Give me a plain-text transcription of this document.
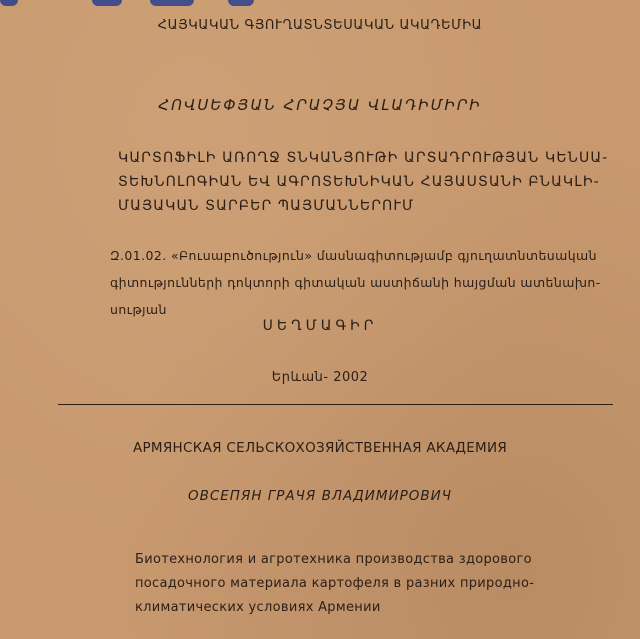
ՀԱՅԿԱԿԱՆ ԳՅՈՒՂԱՏՆՏԵՍԱԿԱՆ ԱԿԱԴԵՄԻԱ
ՀՈՎՍԵՓՅԱՆ ՀՐԱՉՅԱ ՎԼԱԴԻՄԻՐԻ
ԿԱՐՏՈՖԻԼԻ ԱՌՈՂՋ ՏՆԿԱՆՅՈՒԹԻ ԱՐՏԱԴՐՈՒԹՅԱՆ ԿԵՆՍԱ-
ՏԵԽՆՈԼՈԳԻԱՆ ԵՎ ԱԳՐՈՏԵԽՆԻԿԱՆ ՀԱՅԱՍՏԱՆԻ ԲՆԱԿԼԻ-
ՄԱՅԱԿԱՆ ՏԱՐԲԵՐ ՊԱՅՄԱՆՆԵՐՈՒՄ
Զ.01.02. «Բուսաբուծություն» մասնագիտությամբ գյուղատնտեսական
գիտությունների դոկտորի գիտական աստիճանի հայցման ատենախո-
սության
ՍԵՂՄԱԳԻՐ
Երևան- 2002
АРМЯНСКАЯ СЕЛЬСКОХОЗЯЙСТВЕННАЯ АКАДЕМИЯ
ОВСЕПЯН ГРАЧЯ ВЛАДИМИРОВИЧ
Биотехнология и агротехника производства здорового
посадочного материала картофеля в разних природно-
климатических условиях Армении
